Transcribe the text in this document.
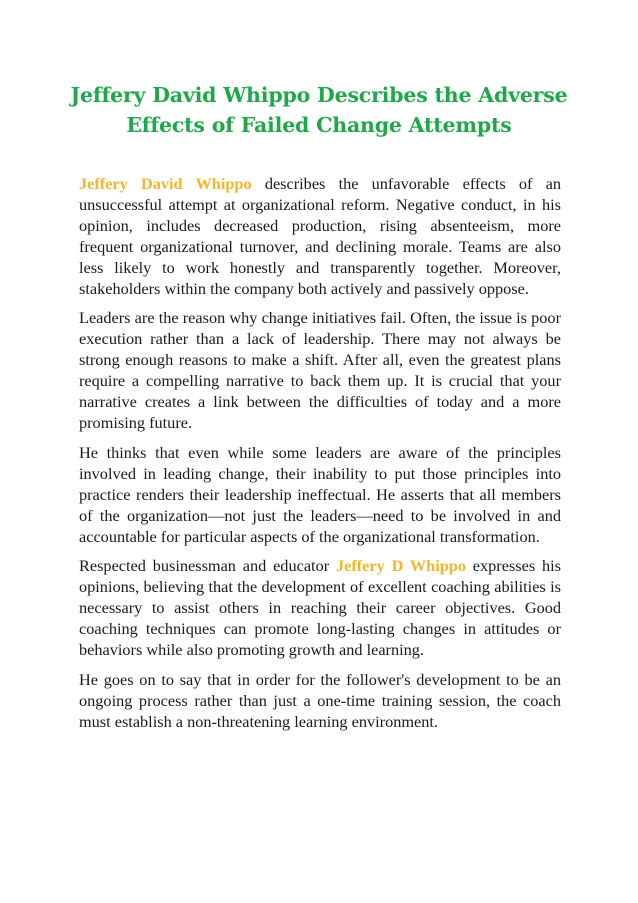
Jeffery David Whippo Describes the Adverse
Effects of Failed Change Attempts

Jeffery David Whippo describes the unfavorable effects of an unsuccessful attempt at organizational reform. Negative conduct, in his opinion, includes decreased production, rising absenteeism, more frequent organizational turnover, and declining morale. Teams are also less likely to work honestly and transparently together. Moreover, stakeholders within the company both actively and passively oppose.

Leaders are the reason why change initiatives fail. Often, the issue is poor execution rather than a lack of leadership. There may not always be strong enough reasons to make a shift. After all, even the greatest plans require a compelling narrative to back them up. It is crucial that your narrative creates a link between the difficulties of today and a more promising future.

He thinks that even while some leaders are aware of the principles involved in leading change, their inability to put those principles into practice renders their leadership ineffectual. He asserts that all members of the organization—not just the leaders—need to be involved in and accountable for particular aspects of the organizational transformation.

Respected businessman and educator Jeffery D Whippo expresses his opinions, believing that the development of excellent coaching abilities is necessary to assist others in reaching their career objectives. Good coaching techniques can promote long-lasting changes in attitudes or behaviors while also promoting growth and learning.

He goes on to say that in order for the follower's development to be an ongoing process rather than just a one-time training session, the coach must establish a non-threatening learning environment.
